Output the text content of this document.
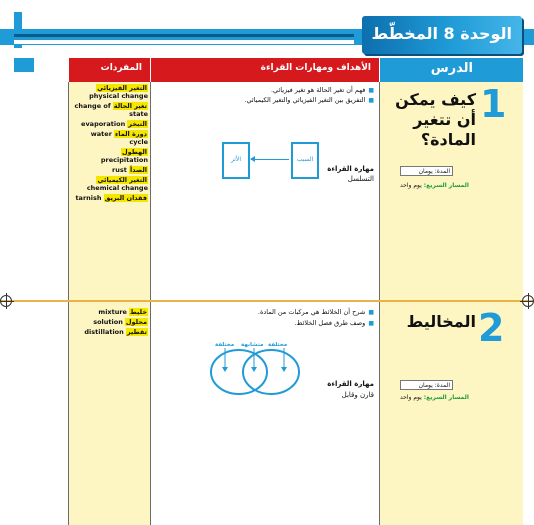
الوحدة 8 المخطّط
الدرس
الأهداف ومهارات القراءة
المفردات
1
كيف يمكن أن تتغير المادة؟
المدة: يومان
المسار السريع: يوم واحد
■ فهم أن تغير الحالة هو تغير فيزيائي.
■ التفريق بين التغير الفيزيائي والتغير الكيميائي.
مهارة القراءة
التسلسل
السبب
الأثر
التغير الفيزيائي physical change
تغير الحالة change of state
التبخر evaporation
دورة الماء water cycle
الهطول precipitation
الصدأ rust
التغير الكيميائي chemical change
فقدان البريق tarnish
2
المخاليط
المدة: يومان
المسار السريع: يوم واحد
■ شرح أن الخلائط هي مركبات من المادة.
■ وصف طرق فصل الخلائط.
مهارة القراءة
قارن وقابل
مختلفة متشابهة مختلفة
خليط mixture
محلول solution
تقطير distillation
